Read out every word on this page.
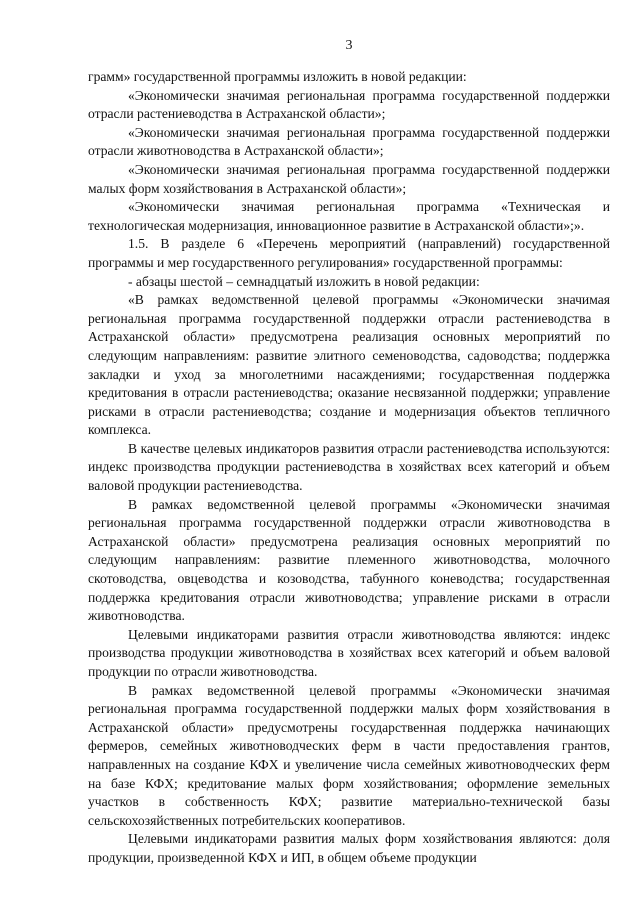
3

грамм» государственной программы изложить в новой редакции:

«Экономически значимая региональная программа государственной поддержки отрасли растениеводства в Астраханской области»;

«Экономически значимая региональная программа государственной поддержки отрасли животноводства в Астраханской области»;

«Экономически значимая региональная программа государственной поддержки малых форм хозяйствования в Астраханской области»;

«Экономически значимая региональная программа «Техническая и технологическая модернизация, инновационное развитие в Астраханской области»;».

1.5. В разделе 6 «Перечень мероприятий (направлений) государственной программы и мер государственного регулирования» государственной программы:

- абзацы шестой – семнадцатый изложить в новой редакции:

«В рамках ведомственной целевой программы «Экономически значимая региональная программа государственной поддержки отрасли растениеводства в Астраханской области» предусмотрена реализация основных мероприятий по следующим направлениям: развитие элитного семеноводства, садоводства; поддержка закладки и уход за многолетними насаждениями; государственная поддержка кредитования в отрасли растениеводства; оказание несвязанной поддержки; управление рисками в отрасли растениеводства; создание и модернизация объектов тепличного комплекса.

В качестве целевых индикаторов развития отрасли растениеводства используются: индекс производства продукции растениеводства в хозяйствах всех категорий и объем валовой продукции растениеводства.

В рамках ведомственной целевой программы «Экономически значимая региональная программа государственной поддержки отрасли животноводства в Астраханской области» предусмотрена реализация основных мероприятий по следующим направлениям: развитие племенного животноводства, молочного скотоводства, овцеводства и козоводства, табунного коневодства; государственная поддержка кредитования отрасли животноводства; управление рисками в отрасли животноводства.

Целевыми индикаторами развития отрасли животноводства являются: индекс производства продукции животноводства в хозяйствах всех категорий и объем валовой продукции по отрасли животноводства.

В рамках ведомственной целевой программы «Экономически значимая региональная программа государственной поддержки малых форм хозяйствования в Астраханской области» предусмотрены государственная поддержка начинающих фермеров, семейных животноводческих ферм в части предоставления грантов, направленных на создание КФХ и увеличение числа семейных животноводческих ферм на базе КФХ; кредитование малых форм хозяйствования; оформление земельных участков в собственность КФХ; развитие материально-технической базы сельскохозяйственных потребительских кооперативов.

Целевыми индикаторами развития малых форм хозяйствования являются: доля продукции, произведенной КФХ и ИП, в общем объеме продукции
